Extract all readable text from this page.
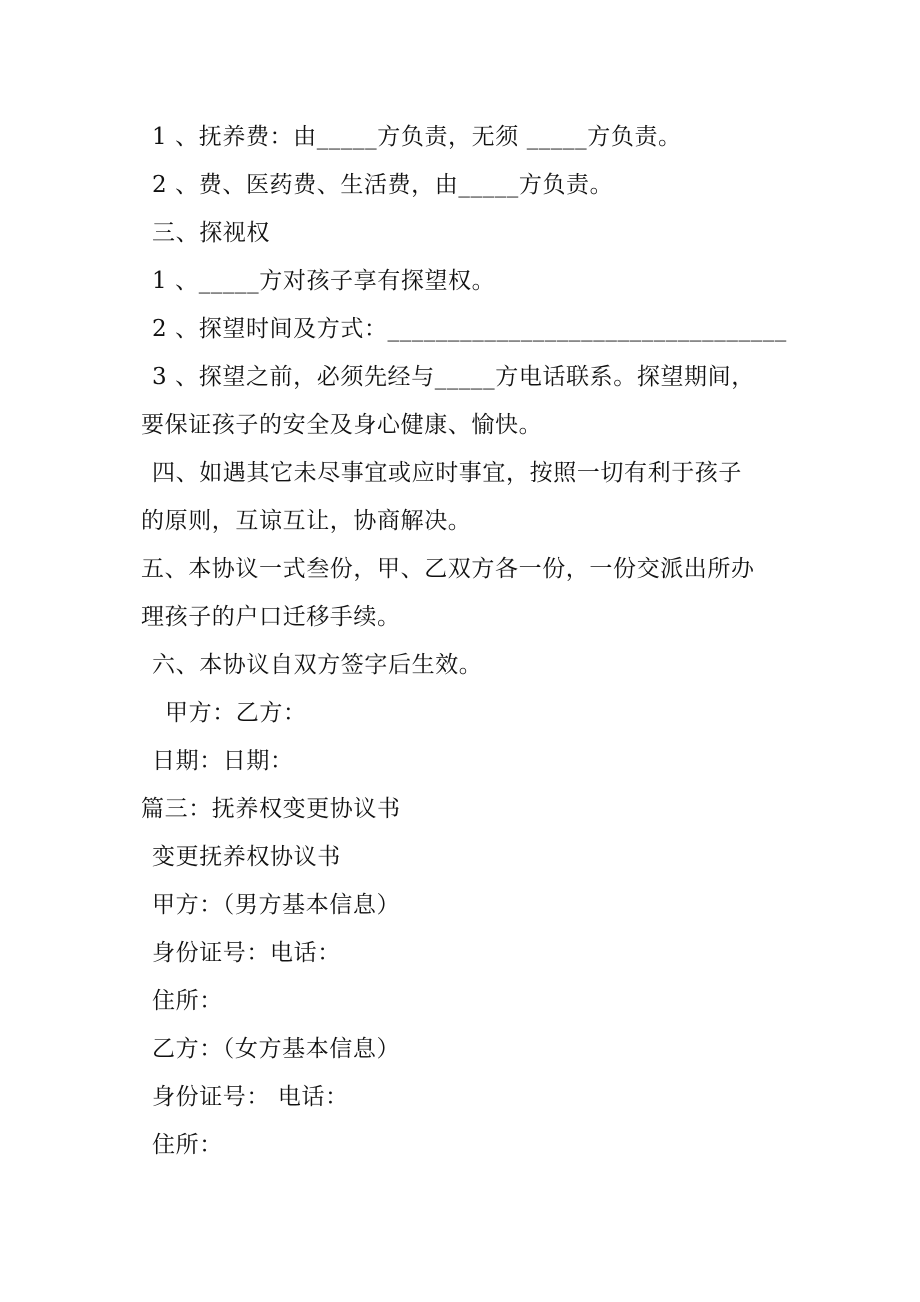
1 、抚养费：由_____方负责，无须 _____方负责。
2 、费、医药费、生活费，由_____方负责。
三、探视权
1 、_____方对孩子享有探望权。
2 、探望时间及方式：_________________________________
3 、探望之前，必须先经与_____方电话联系。探望期间，
要保证孩子的安全及身心健康、愉快。
四、如遇其它未尽事宜或应时事宜，按照一切有利于孩子
的原则，互谅互让，协商解决。
五、本协议一式叁份，甲、乙双方各一份，一份交派出所办
理孩子的户口迁移手续。
六、本协议自双方签字后生效。
甲方：乙方：
日期：日期：
篇三：抚养权变更协议书
变更抚养权协议书
甲方：（男方基本信息）
身份证号：电话：
住所：
乙方：（女方基本信息）
身份证号： 电话：
住所：
